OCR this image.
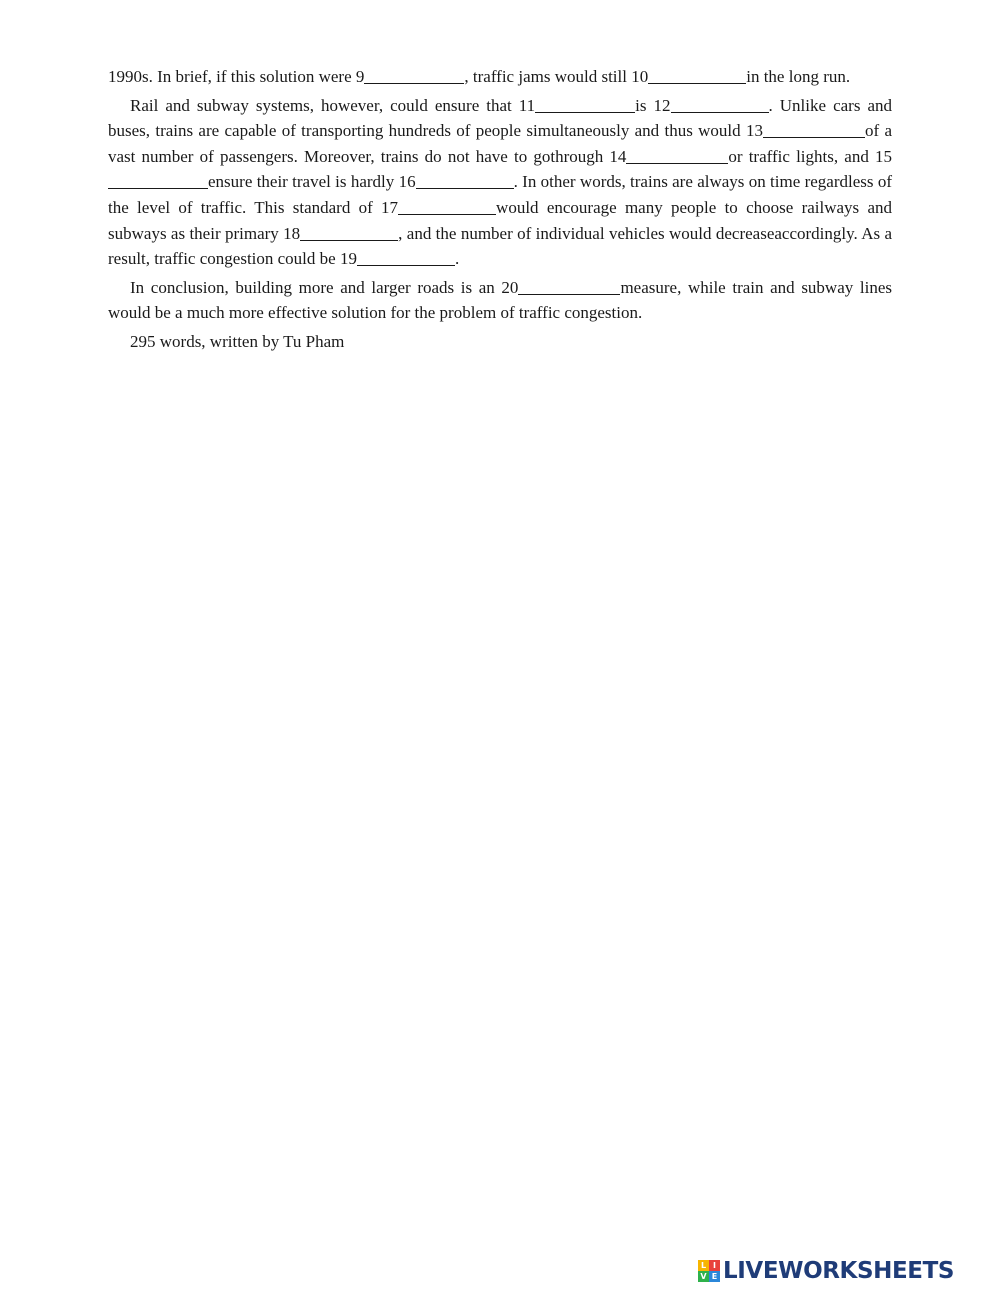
1990s. In brief, if this solution were 9	, traffic jams would still 10	in the long run.

Rail and subway systems, however, could ensure that 11	is 12	. Unlike cars and buses, trains are capable of transporting hundreds of people simultaneously and thus would 13	of a vast number of passengers. Moreover, trains do not have to gothrough 14	or traffic lights, and 15ensure their travel is hardly 16	. In other words, trains are always on time regardless of the level of traffic. This standard of 17	would encourage many people to choose railways and subways as their primary 18	, and the number of individual vehicles would decreaseaccordingly. As a result, traffic congestion could be 19	.

In conclusion, building more and larger roads is an 20	measure, while train and subway lines would be a much more effective solution for the problem of traffic congestion.

295 words, written by Tu Pham

L I
V E LIVEWORKSHEETS
